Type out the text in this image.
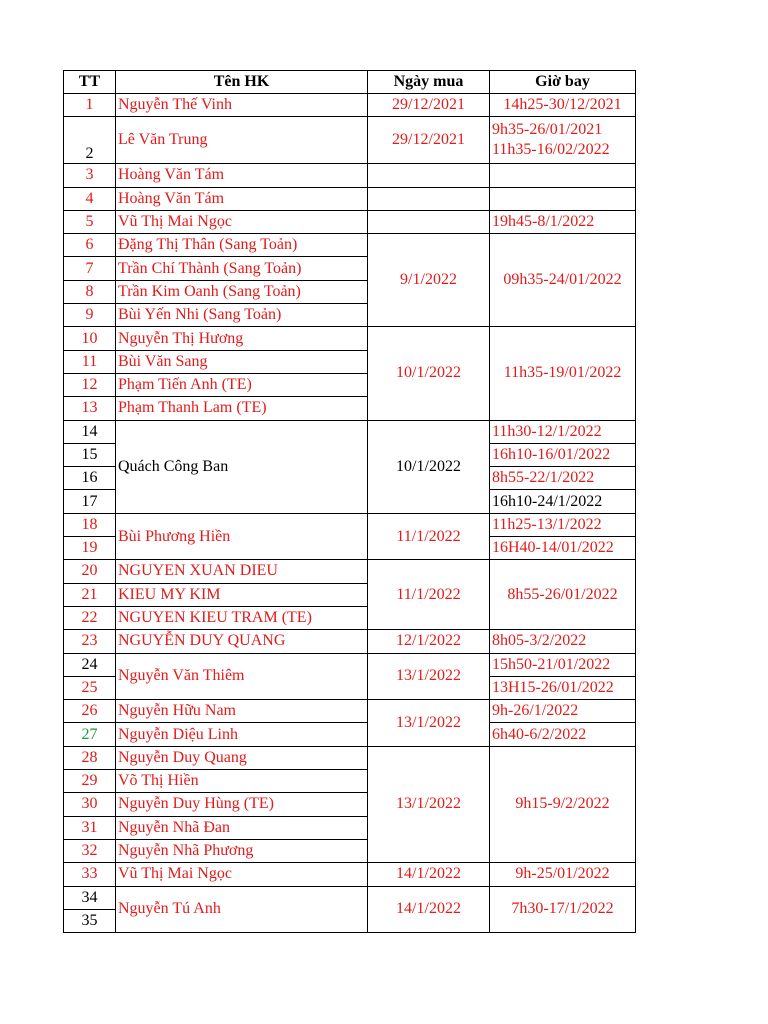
TT	Tên HK	Ngày mua	Giờ bay
1	Nguyễn Thế Vinh	29/12/2021	14h25-30/12/2021
2	Lê Văn Trung	29/12/2021	9h35-26/01/2021
11h35-16/02/2022

3	Hoàng Văn Tám		
4	Hoàng Văn Tám		
5	Vũ Thị Mai Ngọc		19h45-8/1/2022
6	Đặng Thị Thân (Sang Toản)	9/1/2022	09h35-24/01/2022
7	Trần Chí Thành (Sang Toản)		
8	Trần Kim Oanh (Sang Toản)		
9	Bùi Yến Nhi (Sang Toản)		
10	Nguyễn Thị Hương	10/1/2022	11h35-19/01/2022
11	Bùi Văn Sang		
12	Phạm Tiến Anh (TE)		
13	Phạm Thanh Lam (TE)		
14	Quách Công Ban	10/1/2022	11h30-12/1/2022
15			16h10-16/01/2022
16			8h55-22/1/2022
17			16h10-24/1/2022
18	Bùi Phương Hiền	11/1/2022	11h25-13/1/2022
19			16H40-14/01/2022
20	NGUYEN XUAN DIEU	11/1/2022	8h55-26/01/2022
21	KIEU MY KIM		
22	NGUYEN KIEU TRAM (TE)		
23	NGUYỄN DUY QUANG	12/1/2022	8h05-3/2/2022
24	Nguyễn Văn Thiêm	13/1/2022	15h50-21/01/2022
25			13H15-26/01/2022
26	Nguyễn Hữu Nam	13/1/2022	9h-26/1/2022
27	Nguyễn Diệu Linh		6h40-6/2/2022
28	Nguyễn Duy Quang	13/1/2022	9h15-9/2/2022
29	Võ Thị Hiền		
30	Nguyễn Duy Hùng (TE)		
31	Nguyễn Nhã Đan		
32	Nguyễn Nhã Phương		
33	Vũ Thị Mai Ngọc	14/1/2022	9h-25/01/2022
34	Nguyễn Tú Anh	14/1/2022	7h30-17/1/2022
35			
